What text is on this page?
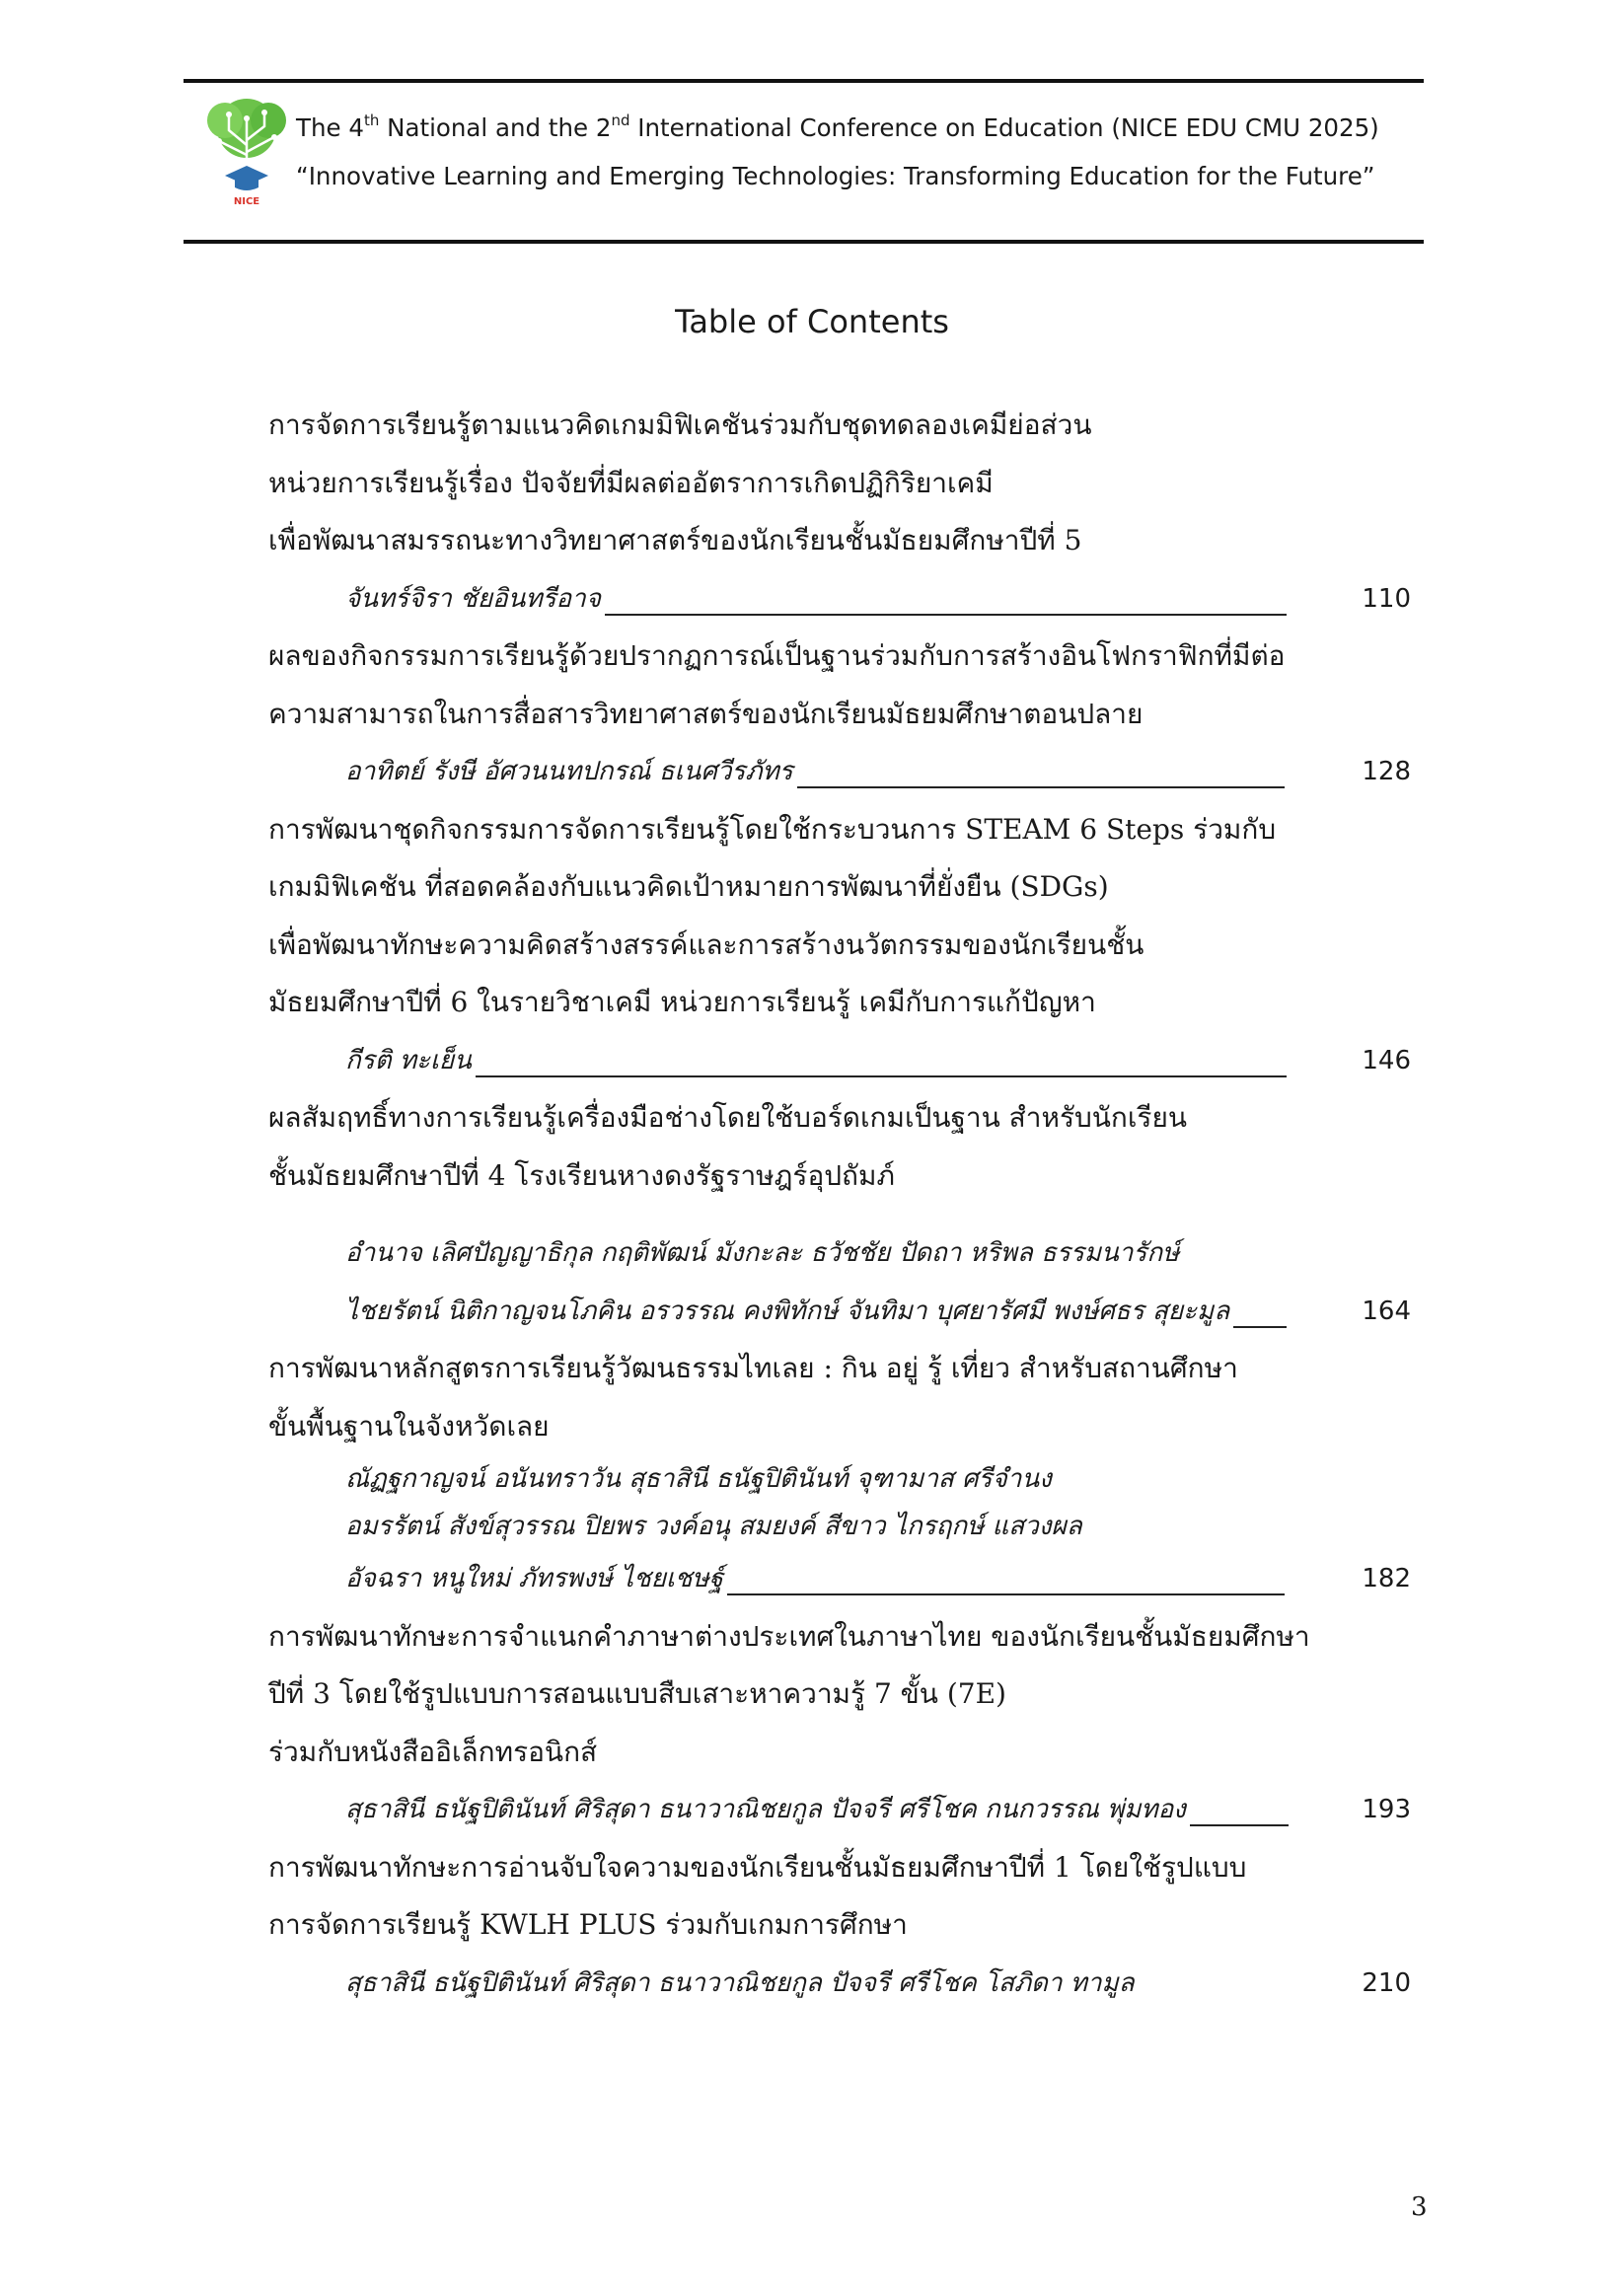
NICE
The 4th National and the 2nd International Conference on Education (NICE EDU CMU 2025)
“Innovative Learning and Emerging Technologies: Transforming Education for the Future”
Table of Contents
การจัดการเรียนรู้ตามแนวคิดเกมมิฟิเคชันร่วมกับชุดทดลองเคมีย่อส่วน
หน่วยการเรียนรู้เรื่อง ปัจจัยที่มีผลต่ออัตราการเกิดปฏิกิริยาเคมี
เพื่อพัฒนาสมรรถนะทางวิทยาศาสตร์ของนักเรียนชั้นมัธยมศึกษาปีที่ 5
จันทร์จิรา ชัยอินทรีอาจ	110
ผลของกิจกรรมการเรียนรู้ด้วยปรากฏการณ์เป็นฐานร่วมกับการสร้างอินโฟกราฟิกที่มีต่อ
ความสามารถในการสื่อสารวิทยาศาสตร์ของนักเรียนมัธยมศึกษาตอนปลาย
อาทิตย์ รังษี อัศวนนทปกรณ์ ธเนศวีรภัทร	128
การพัฒนาชุดกิจกรรมการจัดการเรียนรู้โดยใช้กระบวนการ STEAM 6 Steps ร่วมกับ
เกมมิฟิเคชัน ที่สอดคล้องกับแนวคิดเป้าหมายการพัฒนาที่ยั่งยืน (SDGs)
เพื่อพัฒนาทักษะความคิดสร้างสรรค์และการสร้างนวัตกรรมของนักเรียนชั้น
มัธยมศึกษาปีที่ 6 ในรายวิชาเคมี หน่วยการเรียนรู้ เคมีกับการแก้ปัญหา
กีรติ ทะเย็น	146
ผลสัมฤทธิ์ทางการเรียนรู้เครื่องมือช่างโดยใช้บอร์ดเกมเป็นฐาน สำหรับนักเรียน
ชั้นมัธยมศึกษาปีที่ 4 โรงเรียนหางดงรัฐราษฎร์อุปถัมภ์
อำนาจ เลิศปัญญาธิกุล กฤติพัฒน์ มังกะละ ธวัชชัย ปัดถา หริพล ธรรมนารักษ์
ไชยรัตน์ นิติกาญจนโภคิน อรวรรณ คงพิทักษ์ จันทิมา บุศยารัศมี พงษ์ศธร สุยะมูล	164
การพัฒนาหลักสูตรการเรียนรู้วัฒนธรรมไทเลย : กิน อยู่ รู้ เที่ยว สำหรับสถานศึกษา
ขั้นพื้นฐานในจังหวัดเลย
ณัฏฐกาญจน์ อนันทราวัน สุธาสินี ธนัฐปิตินันท์ จุฑามาส ศรีจำนง
อมรรัตน์ สังข์สุวรรณ ปิยพร วงค์อนุ สมยงค์ สีขาว ไกรฤกษ์ แสวงผล
อัจฉรา หนูใหม่ ภัทรพงษ์ ไชยเชษฐ์	182
การพัฒนาทักษะการจำแนกคำภาษาต่างประเทศในภาษาไทย ของนักเรียนชั้นมัธยมศึกษา
ปีที่ 3 โดยใช้รูปแบบการสอนแบบสืบเสาะหาความรู้ 7 ขั้น (7E)
ร่วมกับหนังสืออิเล็กทรอนิกส์
สุธาสินี ธนัฐปิตินันท์ ศิริสุดา ธนาวาณิชยกูล ปัจจรี ศรีโชค กนกวรรณ พุ่มทอง	193
การพัฒนาทักษะการอ่านจับใจความของนักเรียนชั้นมัธยมศึกษาปีที่ 1 โดยใช้รูปแบบ
การจัดการเรียนรู้ KWLH PLUS ร่วมกับเกมการศึกษา
สุธาสินี ธนัฐปิตินันท์ ศิริสุดา ธนาวาณิชยกูล ปัจจรี ศรีโชค โสภิดา ทามูล	210
3
